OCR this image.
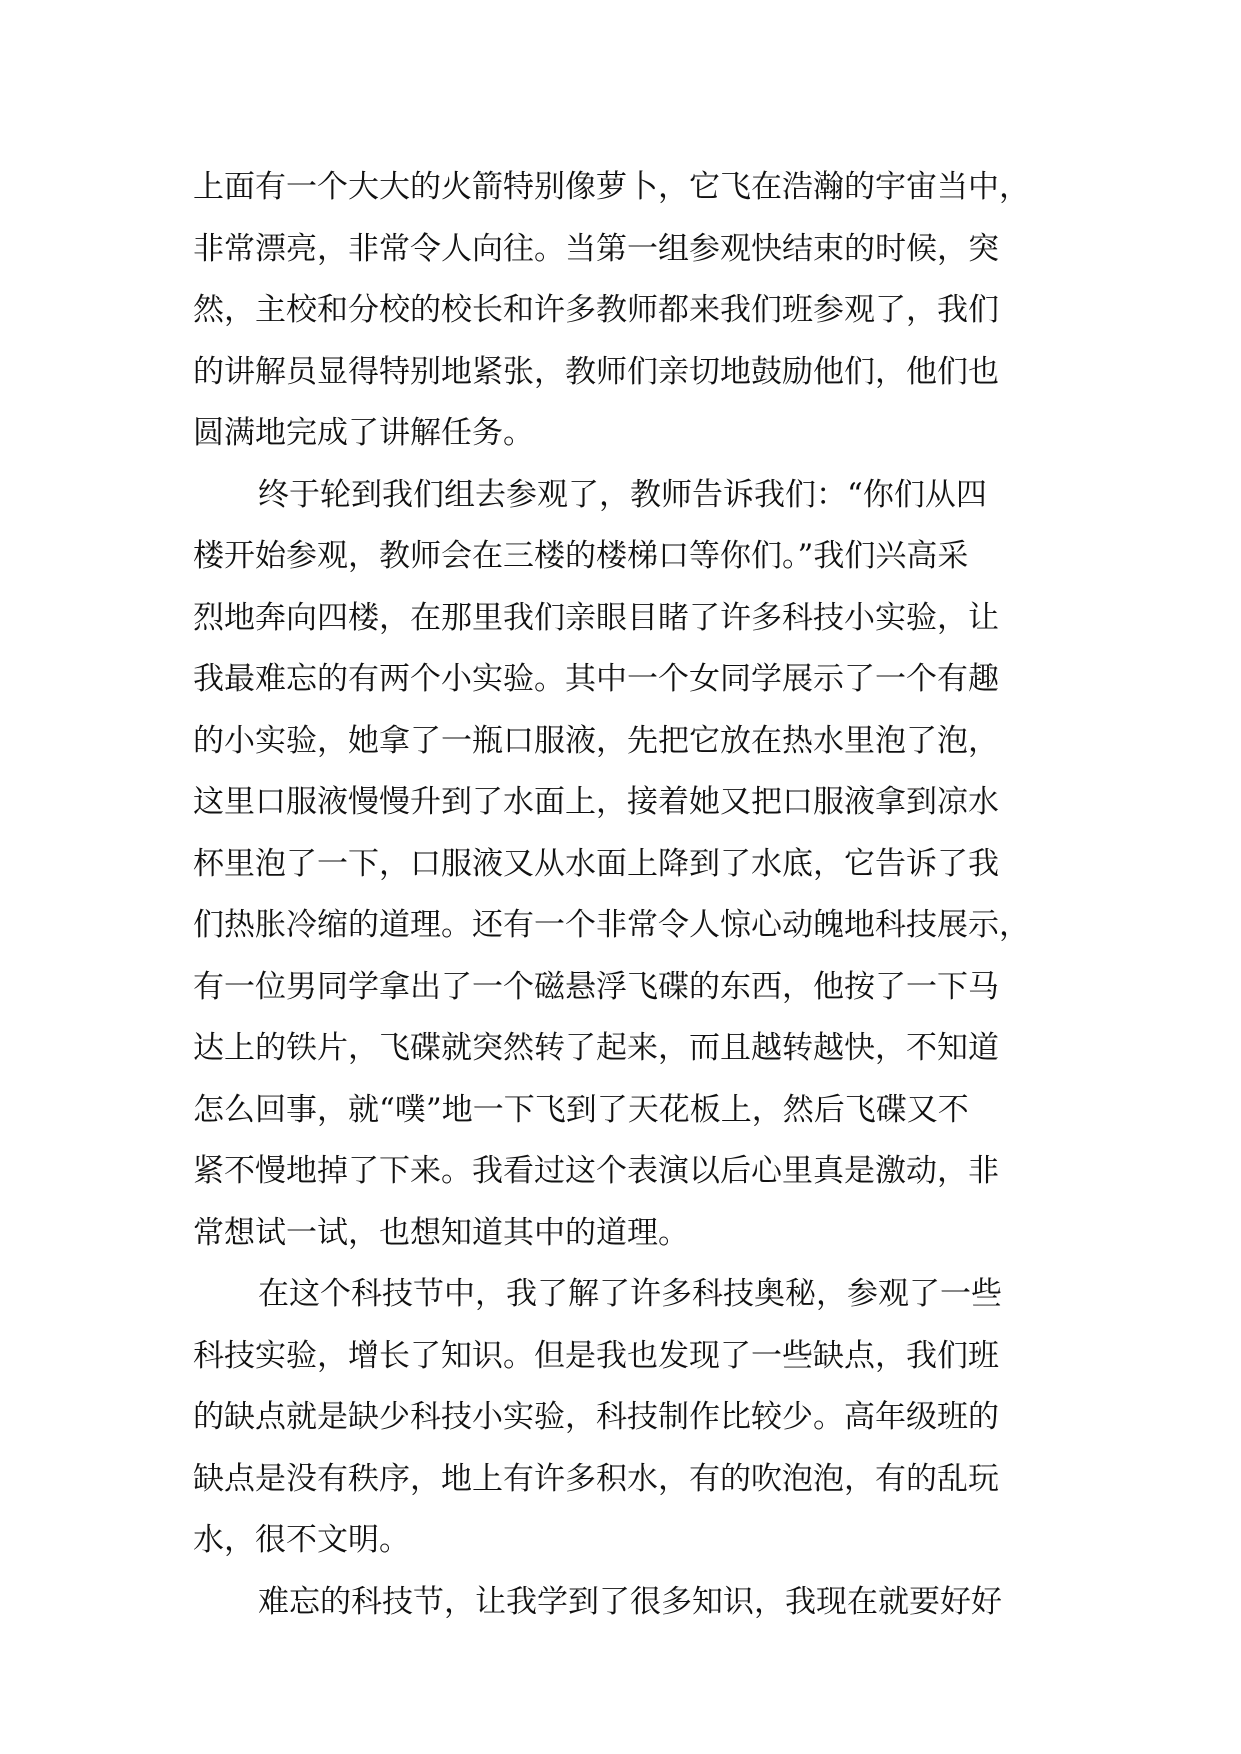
上面有一个大大的火箭特别像萝卜，它飞在浩瀚的宇宙当中，

非常漂亮，非常令人向往。当第一组参观快结束的时候，突

然，主校和分校的校长和许多教师都来我们班参观了，我们

的讲解员显得特别地紧张，教师们亲切地鼓励他们，他们也

圆满地完成了讲解任务。

终于轮到我们组去参观了，教师告诉我们：“你们从四

楼开始参观，教师会在三楼的楼梯口等你们。”我们兴高采

烈地奔向四楼，在那里我们亲眼目睹了许多科技小实验，让

我最难忘的有两个小实验。其中一个女同学展示了一个有趣

的小实验，她拿了一瓶口服液，先把它放在热水里泡了泡，

这里口服液慢慢升到了水面上，接着她又把口服液拿到凉水

杯里泡了一下，口服液又从水面上降到了水底，它告诉了我

们热胀冷缩的道理。还有一个非常令人惊心动魄地科技展示，

有一位男同学拿出了一个磁悬浮飞碟的东西，他按了一下马

达上的铁片，飞碟就突然转了起来，而且越转越快，不知道

怎么回事，就“噗”地一下飞到了天花板上，然后飞碟又不

紧不慢地掉了下来。我看过这个表演以后心里真是激动，非

常想试一试，也想知道其中的道理。

在这个科技节中，我了解了许多科技奥秘，参观了一些

科技实验，增长了知识。但是我也发现了一些缺点，我们班

的缺点就是缺少科技小实验，科技制作比较少。高年级班的

缺点是没有秩序，地上有许多积水，有的吹泡泡，有的乱玩

水，很不文明。

难忘的科技节，让我学到了很多知识，我现在就要好好
